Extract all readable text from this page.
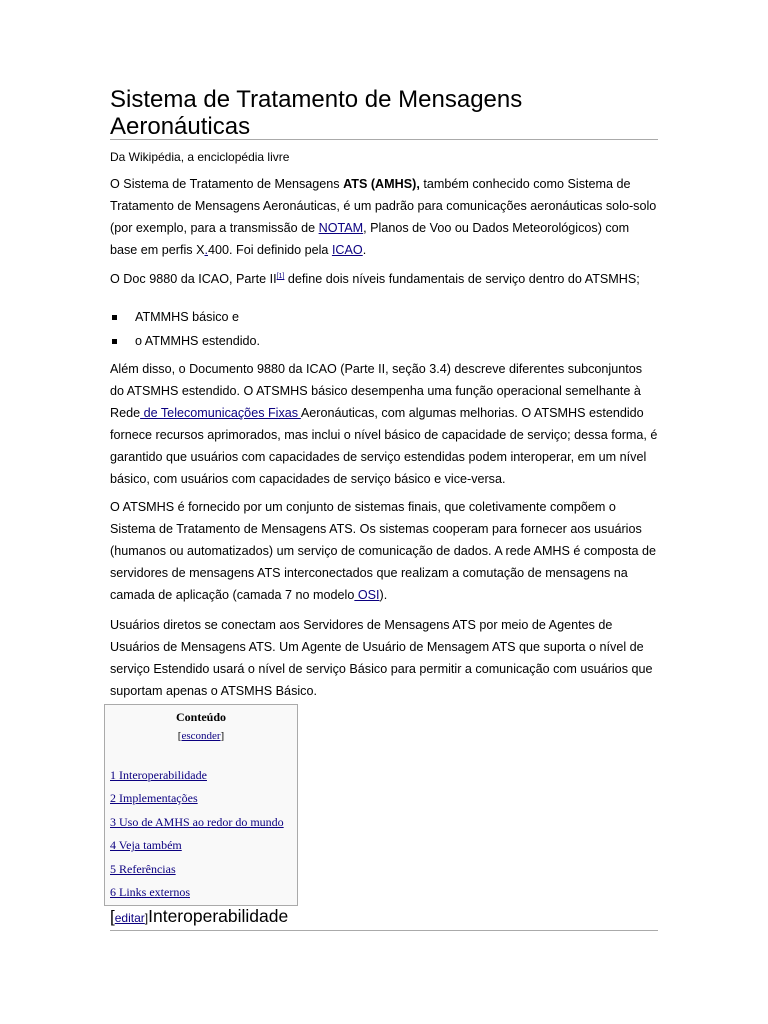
Sistema de Tratamento de Mensagens Aeronáuticas
Da Wikipédia, a enciclopédia livre

O Sistema de Tratamento de Mensagens ATS (AMHS), também conhecido como Sistema de Tratamento de Mensagens Aeronáuticas, é um padrão para comunicações aeronáuticas solo-solo (por exemplo, para a transmissão de NOTAM, Planos de Voo ou Dados Meteorológicos) com base em perfis X.400. Foi definido pela ICAO.

O Doc 9880 da ICAO, Parte II[1] define dois níveis fundamentais de serviço dentro do ATSMHS;

ATMMHS básico e
o ATMMHS estendido.

Além disso, o Documento 9880 da ICAO (Parte II, seção 3.4) descreve diferentes subconjuntos do ATSMHS estendido. O ATSMHS básico desempenha uma função operacional semelhante à Rede de Telecomunicações Fixas Aeronáuticas, com algumas melhorias. O ATSMHS estendido fornece recursos aprimorados, mas inclui o nível básico de capacidade de serviço; dessa forma, é garantido que usuários com capacidades de serviço estendidas podem interoperar, em um nível básico, com usuários com capacidades de serviço básico e vice-versa.

O ATSMHS é fornecido por um conjunto de sistemas finais, que coletivamente compõem o Sistema de Tratamento de Mensagens ATS. Os sistemas cooperam para fornecer aos usuários (humanos ou automatizados) um serviço de comunicação de dados. A rede AMHS é composta de servidores de mensagens ATS interconectados que realizam a comutação de mensagens na camada de aplicação (camada 7 no modelo OSI).

Usuários diretos se conectam aos Servidores de Mensagens ATS por meio de Agentes de Usuários de Mensagens ATS. Um Agente de Usuário de Mensagem ATS que suporta o nível de serviço Estendido usará o nível de serviço Básico para permitir a comunicação com usuários que suportam apenas o ATSMHS Básico.

[editar]Interoperabilidade
Conteúdo
[esconder]
1 Interoperabilidade
2 Implementações
3 Uso de AMHS ao redor do mundo
4 Veja também
5 Referências
6 Links externos
